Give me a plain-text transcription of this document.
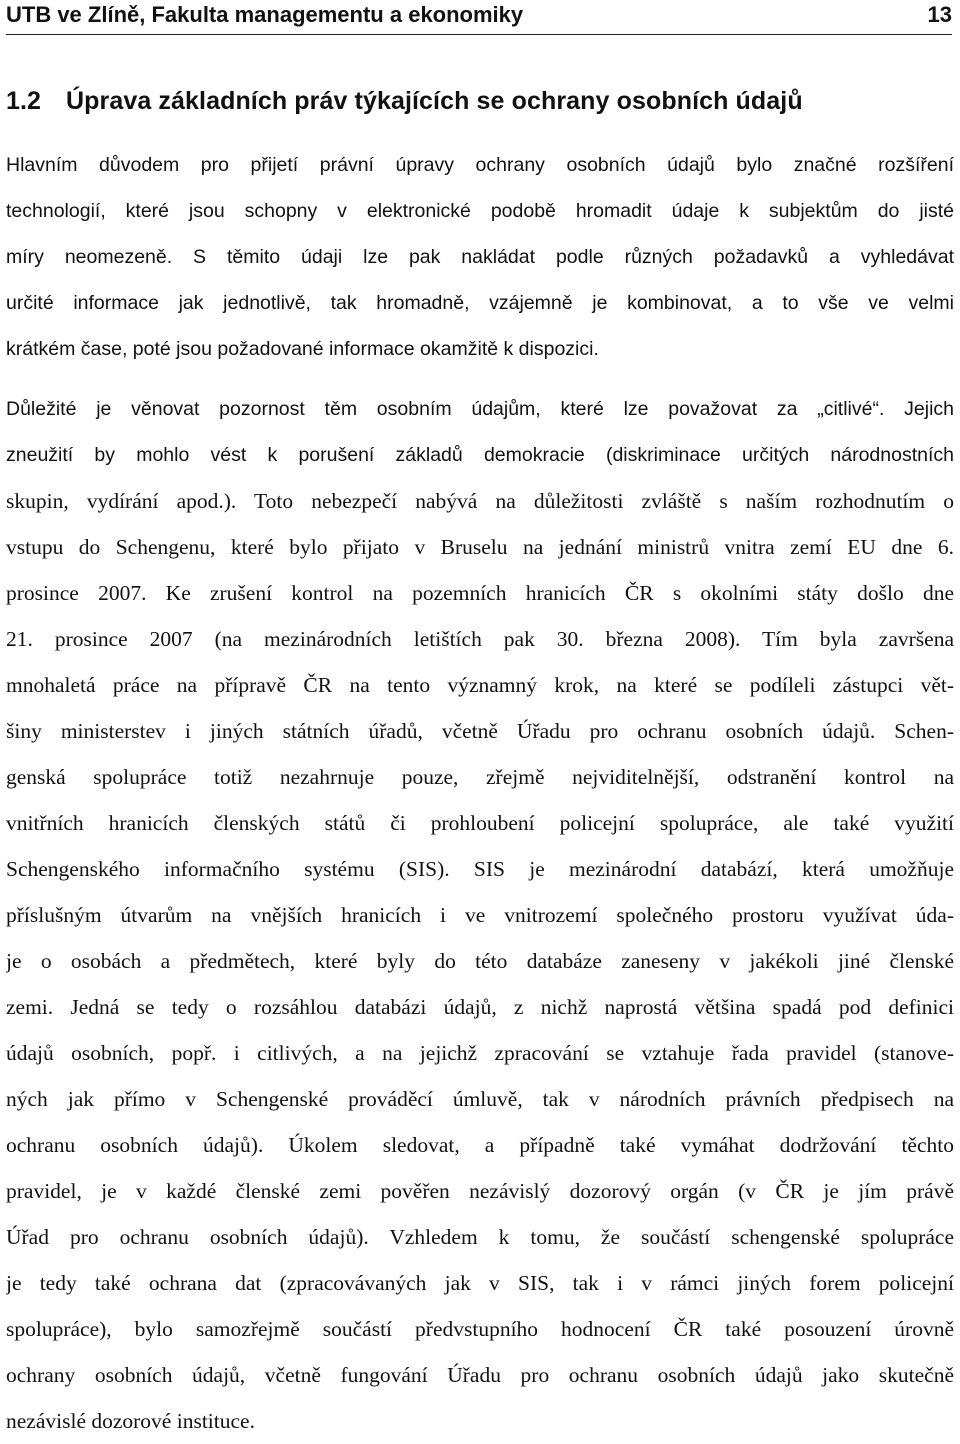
UTB ve Zlíně, Fakulta managementu a ekonomiky	13
1.2 Úprava základních práv týkajících se ochrany osobních údajů
Hlavním důvodem pro přijetí právní úpravy ochrany osobních údajů bylo značné rozšíření
technologií, které jsou schopny v elektronické podobě hromadit údaje k subjektům do jisté
míry neomezeně. S těmito údaji lze pak nakládat podle různých požadavků a vyhledávat
určité informace jak jednotlivě, tak hromadně, vzájemně je kombinovat, a to vše ve velmi
krátkém čase, poté jsou požadované informace okamžitě k dispozici.
Důležité je věnovat pozornost těm osobním údajům, které lze považovat za „citlivé“. Jejich
zneužití by mohlo vést k porušení základů demokracie (diskriminace určitých národnostních
skupin, vydírání apod.). Toto nebezpečí nabývá na důležitosti zvláště s naším rozhodnutím o
vstupu do Schengenu, které bylo přijato v Bruselu na jednání ministrů vnitra zemí EU dne 6.
prosince 2007. Ke zrušení kontrol na pozemních hranicích ČR s okolními státy došlo dne
21. prosince 2007 (na mezinárodních letištích pak 30. března 2008). Tím byla završena
mnohaletá práce na přípravě ČR na tento významný krok, na které se podíleli zástupci vět-
šiny ministerstev i jiných státních úřadů, včetně Úřadu pro ochranu osobních údajů. Schen-
genská spolupráce totiž nezahrnuje pouze, zřejmě nejviditelnější, odstranění kontrol na
vnitřních hranicích členských států či prohloubení policejní spolupráce, ale také využití
Schengenského informačního systému (SIS). SIS je mezinárodní databází, která umožňuje
příslušným útvarům na vnějších hranicích i ve vnitrozemí společného prostoru využívat úda-
je o osobách a předmětech, které byly do této databáze zaneseny v jakékoli jiné členské
zemi. Jedná se tedy o rozsáhlou databázi údajů, z nichž naprostá většina spadá pod definici
údajů osobních, popř. i citlivých, a na jejichž zpracování se vztahuje řada pravidel (stanove-
ných jak přímo v Schengenské prováděcí úmluvě, tak v národních právních předpisech na
ochranu osobních údajů). Úkolem sledovat, a případně také vymáhat dodržování těchto
pravidel, je v každé členské zemi pověřen nezávislý dozorový orgán (v ČR je jím právě
Úřad pro ochranu osobních údajů). Vzhledem k tomu, že součástí schengenské spolupráce
je tedy také ochrana dat (zpracovávaných jak v SIS, tak i v rámci jiných forem policejní
spolupráce), bylo samozřejmě součástí předvstupního hodnocení ČR také posouzení úrovně
ochrany osobních údajů, včetně fungování Úřadu pro ochranu osobních údajů jako skutečně
nezávislé dozorové instituce.
